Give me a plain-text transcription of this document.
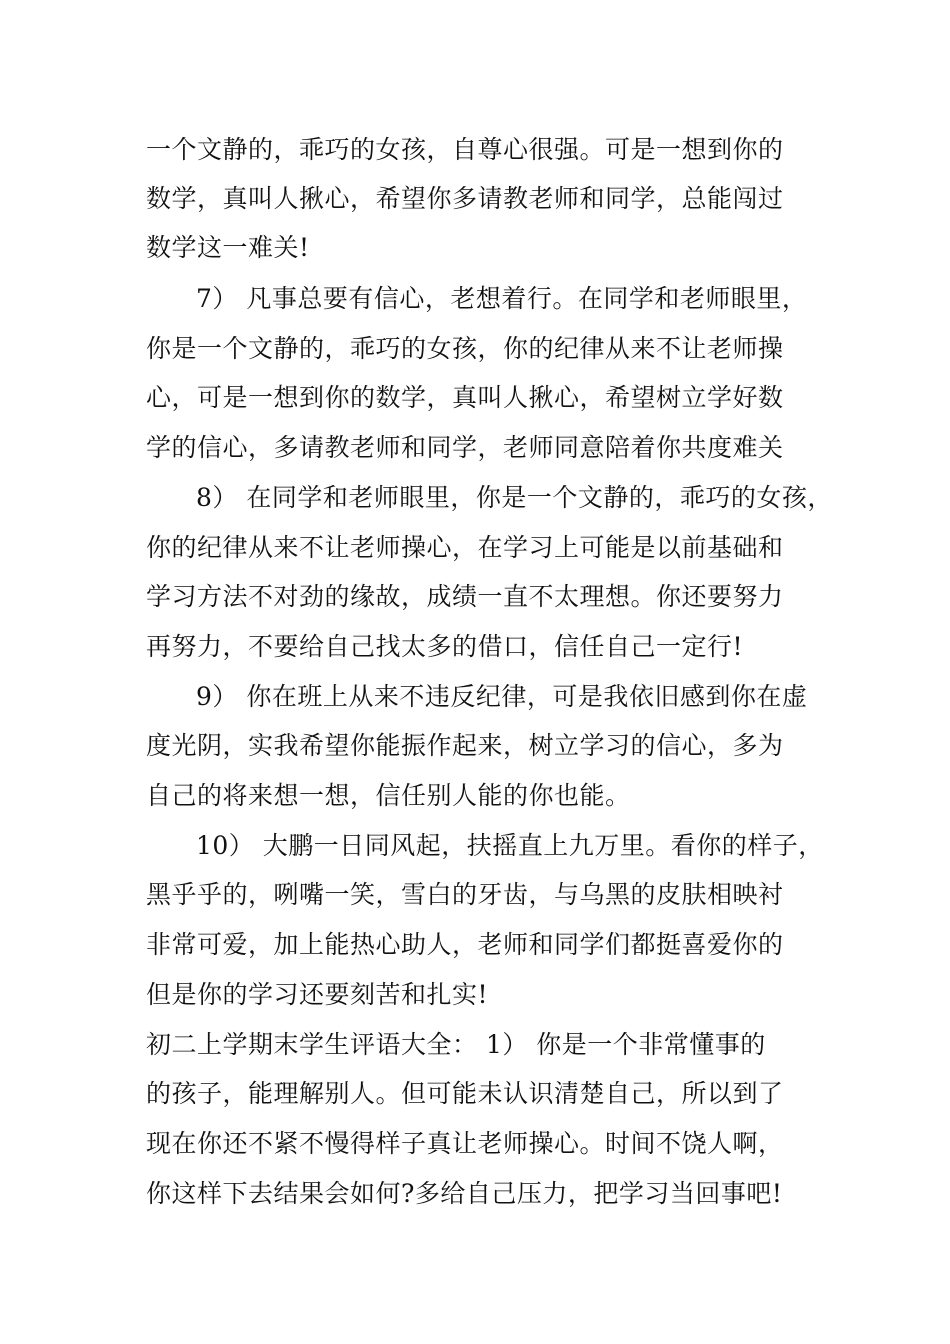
一个文静的，乖巧的女孩，自尊心很强。可是一想到你的
数学，真叫人揪心，希望你多请教老师和同学，总能闯过
数学这一难关!
7） 凡事总要有信心，老想着行。在同学和老师眼里，
你是一个文静的，乖巧的女孩，你的纪律从来不让老师操
心，可是一想到你的数学，真叫人揪心，希望树立学好数
学的信心，多请教老师和同学，老师同意陪着你共度难关
8） 在同学和老师眼里，你是一个文静的，乖巧的女孩，
你的纪律从来不让老师操心，在学习上可能是以前基础和
学习方法不对劲的缘故，成绩一直不太理想。你还要努力
再努力，不要给自己找太多的借口，信任自己一定行!
9） 你在班上从来不违反纪律，可是我依旧感到你在虚
度光阴，实我希望你能振作起来，树立学习的信心，多为
自己的将来想一想，信任别人能的你也能。
10） 大鹏一日同风起，扶摇直上九万里。看你的样子，
黑乎乎的，咧嘴一笑，雪白的牙齿，与乌黑的皮肤相映衬
非常可爱，加上能热心助人，老师和同学们都挺喜爱你的
但是你的学习还要刻苦和扎实!
初二上学期末学生评语大全： 1） 你是一个非常懂事的
的孩子，能理解别人。但可能未认识清楚自己，所以到了
现在你还不紧不慢得样子真让老师操心。时间不饶人啊，
你这样下去结果会如何?多给自己压力，把学习当回事吧!
